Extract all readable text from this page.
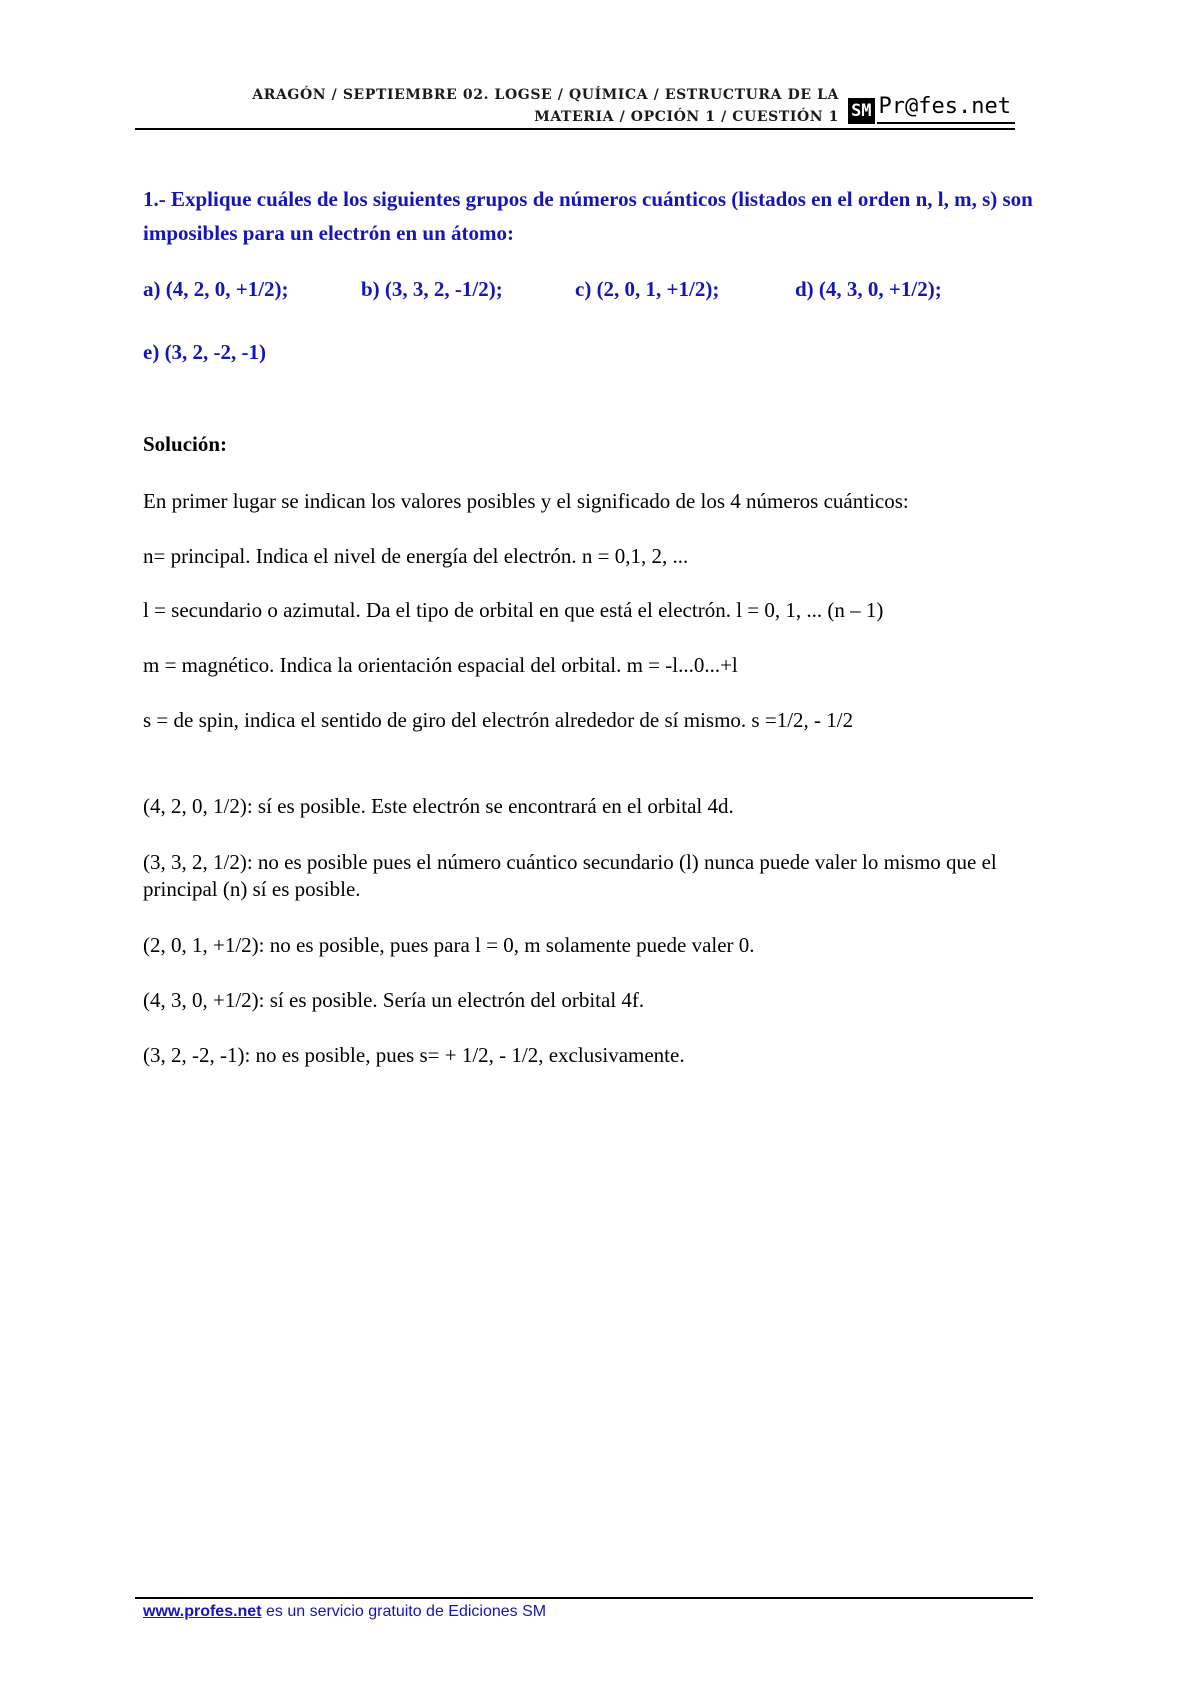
ARAGÓN / SEPTIEMBRE 02. LOGSE / QUÍMICA / ESTRUCTURA DE LA
MATERIA / OPCIÓN 1 / CUESTIÓN 1 SM Pr@fes.net
1.- Explique cuáles de los siguientes grupos de números cuánticos (listados en el orden n, l, m, s) son imposibles para un electrón en un átomo:
a) (4, 2, 0, +1/2);	b) (3, 3, 2, -1/2);	c) (2, 0, 1, +1/2);	d) (4, 3, 0, +1/2);
e) (3, 2, -2, -1)
Solución:
En primer lugar se indican los valores posibles y el significado de los 4 números cuánticos:
n= principal. Indica el nivel de energía del electrón. n = 0,1, 2, ...
l = secundario o azimutal. Da el tipo de orbital en que está el electrón. l = 0, 1, ... (n – 1)
m = magnético. Indica la orientación espacial del orbital. m = -l...0...+l
s = de spin, indica el sentido de giro del electrón alrededor de sí mismo. s =1/2, - 1/2
(4, 2, 0, 1/2): sí es posible. Este electrón se encontrará en el orbital 4d.
(3, 3, 2, 1/2): no es posible pues el número cuántico secundario (l) nunca puede valer lo mismo que el principal (n) sí es posible.
(2, 0, 1, +1/2): no es posible, pues para l = 0, m solamente puede valer 0.
(4, 3, 0, +1/2): sí es posible. Sería un electrón del orbital 4f.
(3, 2, -2, -1): no es posible, pues s= + 1/2, - 1/2, exclusivamente.
www.profes.net es un servicio gratuito de Ediciones SM
